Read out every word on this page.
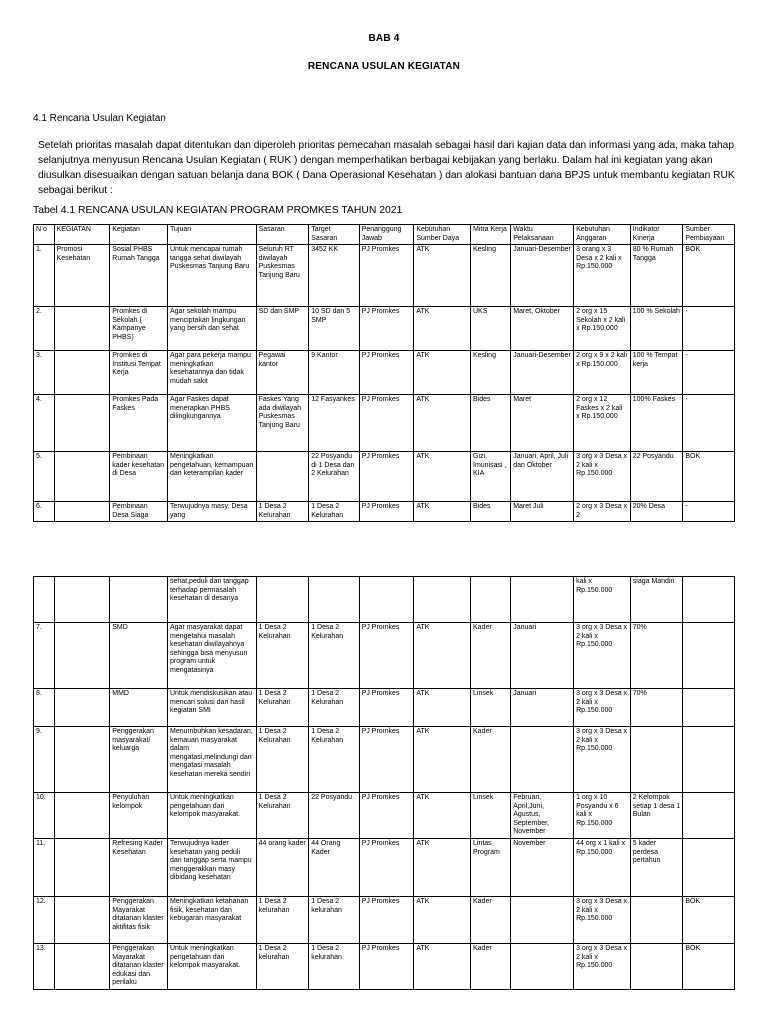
BAB 4
RENCANA USULAN KEGIATAN
4.1 Rencana Usulan Kegiatan
Setelah prioritas masalah dapat ditentukan dan diperoleh prioritas pemecahan masalah sebagai hasil dari kajian data dan informasi yang ada, maka tahap selanjutnya menyusun Rencana Usulan Kegiatan ( RUK ) dengan memperhatikan berbagai kebijakan yang berlaku. Dalam hal ini kegiatan yang akan diusulkan disesuaikan dengan satuan belanja dana BOK ( Dana Operasional Kesehatan ) dan alokasi bantuan dana BPJS untuk membantu kegiatan RUK sebagai berikut :
Tabel 4.1 RENCANA USULAN KEGIATAN PROGRAM PROMKES TAHUN 2021
N o	KEGIATAN	Kegiatan	Tujuan	Sasaran	Target Sasaran	Penanggung Jawab	Kebutuhan Sumber Daya	Mitra Kerja	Waktu Pelaksanaan	Kebutuhan Anggaran	Indikator Kinerja	Sumber Pembiayaan
1.	Promosi Kesehatan	Sosial PHBS Rumah Tangga	Untuk mencapai rumah tangga sehat diwilayah Puskesmas Tanjung Baru	Seluruh RT diwilayah Puskesmas Tanjung Baru	3452 KK	PJ Promkes	ATK	Kesling	Januari-Desember	3 orang x 3 Desa x 2 kali x Rp.150.000	80 % Rumah Tangga	BOK
2.		Promkes di Sekolah ( Kampanye PHBS)	Agar sekolah mampu menciptakan lingkungan yang bersih dan sehat	SD dan SMP	10 SD dan 5 SMP	PJ Promkes	ATK	UKS	Maret, Oktober	2 org x 15 Sekolah x 2 kali x Rp.150.000	100 % Sekolah	-
3.		Promkes di Institusi Tempat Kerja	Agar para pekerja mampu meningkatkan kesehatannya dan tidak mudah sakit	Pegawai kantor	9 Kantor	PJ Promkes	ATK	Kesling	Januari-Desember	2 org x 9 x 2 kali x Rp.150.000	100 % Tempat kerja	-
4.		Promkes Pada Faskes	Agar Faskes dapat menerapkan PHBS dilingkungannya	Faskes Yang ada diwilayah Puskesmas Tanjung Baru	12 Fasyankes	PJ Promkes	ATK	Bides	Maret	2 org x 12 Faskes x 2 kali x Rp.150.000	100% Faskes	-
5.		Pembinaan kader kesehatan di Desa	Meningkatkan pengetahuan, kemampuan dan keterampilan kader		22 Posyandu di 1 Desa dan 2 Kelurahan	PJ Promkes	ATK	Gizi, Imunisasi , KIA	Januari, April, Juli dan Oktober	3 org x 3 Desa x 2 kali x Rp.150.000	22 Posyandu	BOK
6.		Pembinaan Desa Siaga	Terwujudnya masy. Desa yang	1 Desa 2 Kelurahan	1 Desa 2 Kelurahan	PJ Promkes	ATK	Bides	Maret Juli	2 org x 3 Desa x 2	20% Desa	-
			sehat,peduli dan tanggap terhadap permasalah kesehatan di desanya							kali x Rp.150.000	siaga Mandiri	
7.		SMD	Agar masyarakat dapat mengetahui masalah kesehatan diwilayahnya sehingga bisa menyusun program untuk mengatasinya	1 Desa 2 Kelurahan	1 Desa 2 Kelurahan	PJ Promkes	ATK	Kader	Januari	3 org x 3 Desa x 2 kali x Rp.150.000	70%	
8.		MMD	Untuk mendiskusikan atau mencari solusi dari hasil kegiatan SMI	1 Desa 2 Kelurahan	1 Desa 2 Kelurahan	PJ Promkes	ATK	Linsek	Januari	3 org x 3 Desa x 2 kali x Rp.150.000	70%	
9.		Penggerakan masyarakat/ keluarga	Menumbuhkan kesadaran, kemauan masyarakat dalam mengatasi,melindungi dan mengatasi masalah kesehatan mereka sendiri	1 Desa 2 Kelurahan	1 Desa 2 Kelurahan	PJ Promkes	ATK	Kader		3 org x 3 Desa x 2 kali x Rp.150.000		
10.		Penyuluhan kelompok	Untuk meningkatkan pengetahuan dari kelompok masyarakat.	1 Desa 2 Kelurahan	22 Posyandu	PJ Promkes	ATK	Linsek	Februari, April,Juni, Agustus, September, November	1 org x 10 Posyandu x 6 kali x Rp.150.000	2 Kelompok setiap 1 desa 1 Bulan	
11.		Refresing Kader Kesehatan	Terwujudnya kader kesehatan yang peduli dan tanggap serta mampu menggerakkan masy dibidang kesehatan	44 orang kader	44 Orang Kader	PJ Promkes	ATK	Lintas Program	November	44 org x 1 kali x Rp.150.000	5 kader perdesa pertahun	
12.		Penggerakan Mayarakat ditatanan klaster aktifitas fisik	Meningkatkan ketahanan fisik, kesehatan dan kebugaran masyarakat	1 Desa 2 kelurahan	1 Desa 2 kelurahan	PJ Promkes	ATK	Kader		3 org x 3 Desa x 2 kali x Rp.150.000		BOK
13.		Penggerakan Mayarakat ditatanan klaster edukasi dan perilaku	Untuk meningkatkan pengetahuan dari kelompok masyarakat.	1 Desa 2 kelurahan	1 Desa 2 kelurahan	PJ Promkes	ATK	Kader		3 org x 3 Desa x 2 kali x Rp.150.000		BOK
